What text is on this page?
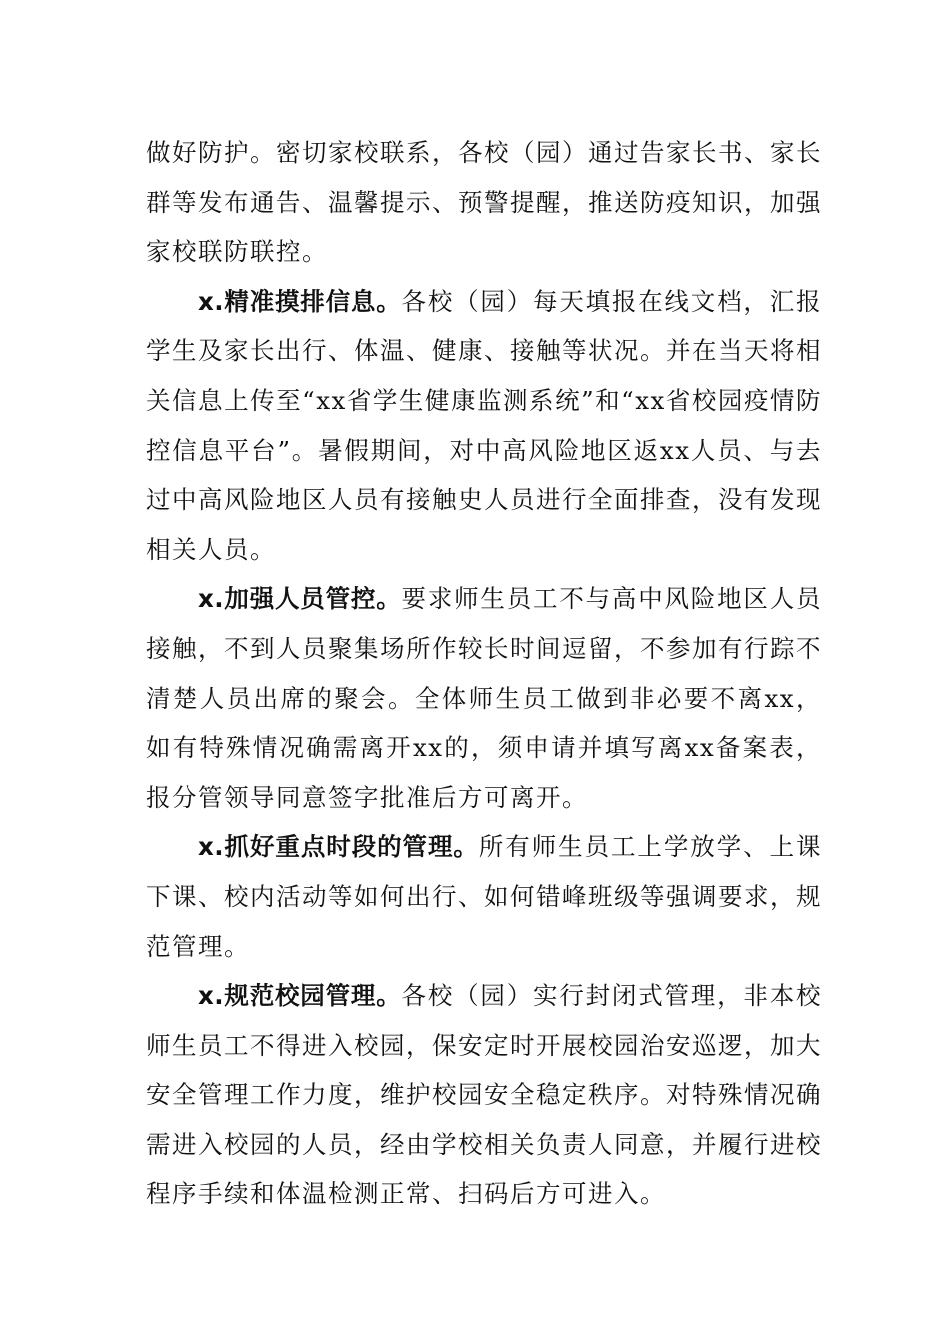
做好防护。密切家校联系，各校（园）通过告家长书、家长群等发布通告、温馨提示、预警提醒，推送防疫知识，加强家校联防联控。

x.精准摸排信息。各校（园）每天填报在线文档，汇报学生及家长出行、体温、健康、接触等状况。并在当天将相关信息上传至“xx省学生健康监测系统”和“xx省校园疫情防控信息平台”。暑假期间，对中高风险地区返xx人员、与去过中高风险地区人员有接触史人员进行全面排查，没有发现相关人员。

x.加强人员管控。要求师生员工不与高中风险地区人员接触，不到人员聚集场所作较长时间逗留，不参加有行踪不清楚人员出席的聚会。全体师生员工做到非必要不离xx，如有特殊情况确需离开xx的，须申请并填写离xx备案表，报分管领导同意签字批准后方可离开。

x.抓好重点时段的管理。所有师生员工上学放学、上课下课、校内活动等如何出行、如何错峰班级等强调要求，规范管理。

x.规范校园管理。各校（园）实行封闭式管理，非本校师生员工不得进入校园，保安定时开展校园治安巡逻，加大安全管理工作力度，维护校园安全稳定秩序。对特殊情况确需进入校园的人员，经由学校相关负责人同意，并履行进校程序手续和体温检测正常、扫码后方可进入。
